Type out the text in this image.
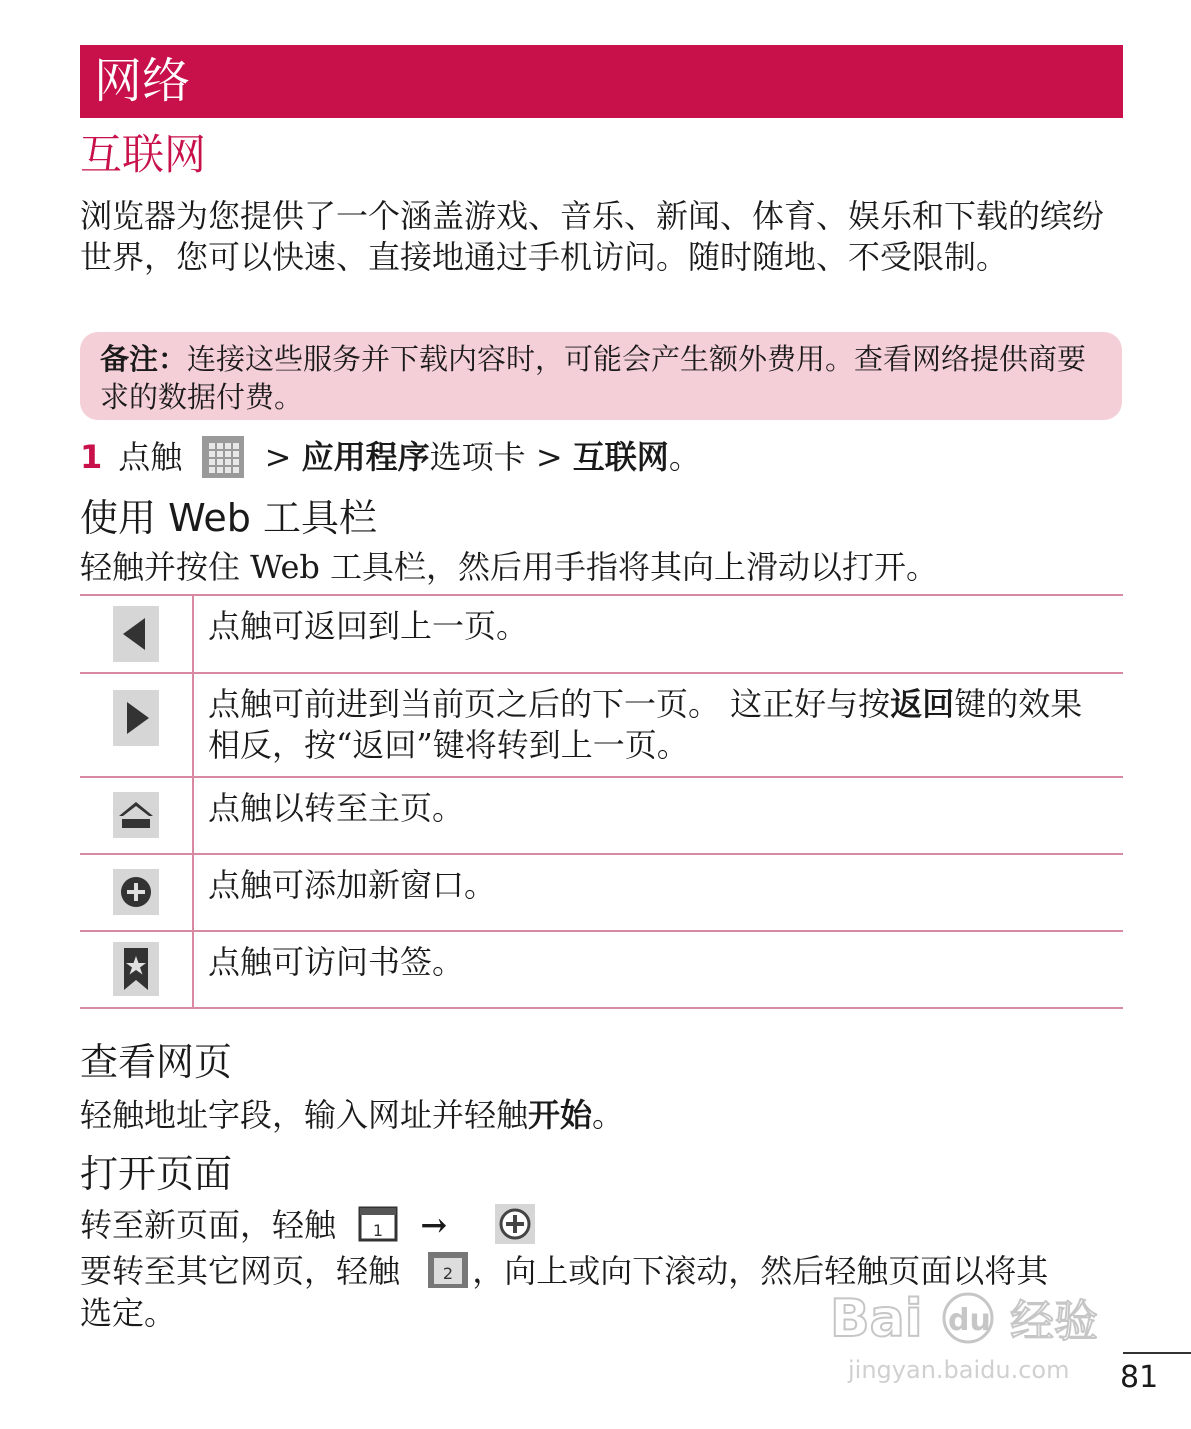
网络
互联网
浏览器为您提供了一个涵盖游戏、音乐、新闻、体育、娱乐和下载的缤纷世界，您可以快速、直接地通过手机访问。随时随地、不受限制。
备注：连接这些服务并下载内容时，可能会产生额外费用。查看网络提供商要求的数据付费。
1 点触	> 应用程序选项卡 > 互联网。
使用 Web 工具栏
轻触并按住 Web 工具栏，然后用手指将其向上滑动以打开。
	点触可返回到上一页。
	点触可前进到当前页之后的下一页。 这正好与按返回键的效果相反，按“返回”键将转到上一页。
	点触以转至主页。
	点触可添加新窗口。
	点触可访问书签。
查看网页
轻触地址字段，输入网址并轻触开始。
打开页面
转至新页面，轻触 1 →
要转至其它网页，轻触	2 ，向上或向下滚动，然后轻触页面以将其
选定。	Bai du 经验
jingyan.baidu.com 81
